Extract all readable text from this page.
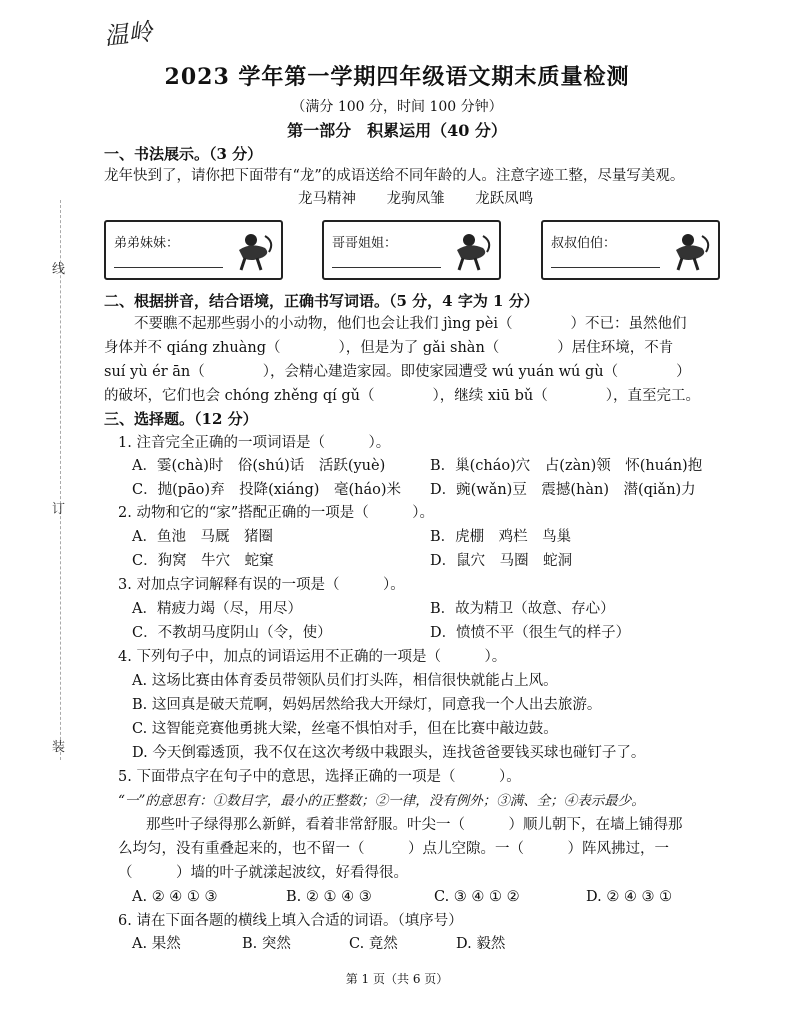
温岭
2023 学年第一学期四年级语文期末质量检测
（满分 100 分，时间 100 分钟）
第一部分　积累运用（40 分）
线
订
装
一、书法展示。（3 分）
龙年快到了，请你把下面带有“龙”的成语送给不同年龄的人。注意字迹工整，尽量写美观。
龙马精神 龙驹凤雏 龙跃凤鸣
弟弟妹妹：	哥哥姐姐：	叔叔伯伯：
二、根据拼音，结合语境，正确书写词语。（5 分，4 字为 1 分）
不要瞧不起那些弱小的小动物，他们也会让我们 jìng pèi（　　　　）不已：虽然他们
身体并不 qiáng zhuàng（　　　　），但是为了 gǎi shàn（　　　　）居住环境，不肯
suí yù ér ān（　　　　），会精心建造家园。即使家园遭受 wú yuán wú gù（　　　　）
的破坏，它们也会 chóng zhěng qí gǔ（　　　　），继续 xiū bǔ（　　　　），直至完工。
三、选择题。（12 分）
1. 注音完全正确的一项词语是（　　　）。
A．霎(chà)时　俗(shú)话　活跃(yuè)	B．巢(cháo)穴　占(zàn)领　怀(huán)抱
C．抛(pāo)弃　投降(xiáng)　毫(háo)米 D．豌(wǎn)豆　震撼(hàn)　潜(qiǎn)力
2. 动物和它的“家”搭配正确的一项是（　　　）。
A．鱼池　马厩　猪圈	B．虎棚　鸡栏　鸟巢
C．狗窝　牛穴　蛇窠	D．鼠穴　马圈　蛇洞
3. 对加点字词解释有误的一项是（　　　）。
A．精疲力竭（尽，用尽）	B．故为精卫（故意、存心）
C．不教胡马度阴山（令，使）	D．愤愤不平（很生气的样子）
4. 下列句子中，加点的词语运用不正确的一项是（　　　）。
A. 这场比赛由体育委员带领队员们打头阵，相信很快就能占上风。
B. 这回真是破天荒啊，妈妈居然给我大开绿灯，同意我一个人出去旅游。
C. 这智能竞赛他勇挑大梁，丝毫不惧怕对手，但在比赛中敲边鼓。
D. 今天倒霉透顶，我不仅在这次考级中栽跟头，连找爸爸要钱买球也碰钉子了。
5. 下面带点字在句子中的意思，选择正确的一项是（　　　）。
“一”的意思有：①数目字，最小的正整数；②一律，没有例外；③满、全；④表示最少。
那些叶子绿得那么新鲜，看着非常舒服。叶尖一（　　　）顺儿朝下，在墙上铺得那
么均匀，没有重叠起来的，也不留一（　　　）点儿空隙。一（　　　）阵风拂过，一
（　　　）墙的叶子就漾起波纹，好看得很。
A. ② ④ ① ③	B. ② ① ④ ③	C. ③ ④ ① ②	D. ② ④ ③ ①
6. 请在下面各题的横线上填入合适的词语。（填序号）
A. 果然	B. 突然	C. 竟然	D. 毅然
第 1 页（共 6 页）
